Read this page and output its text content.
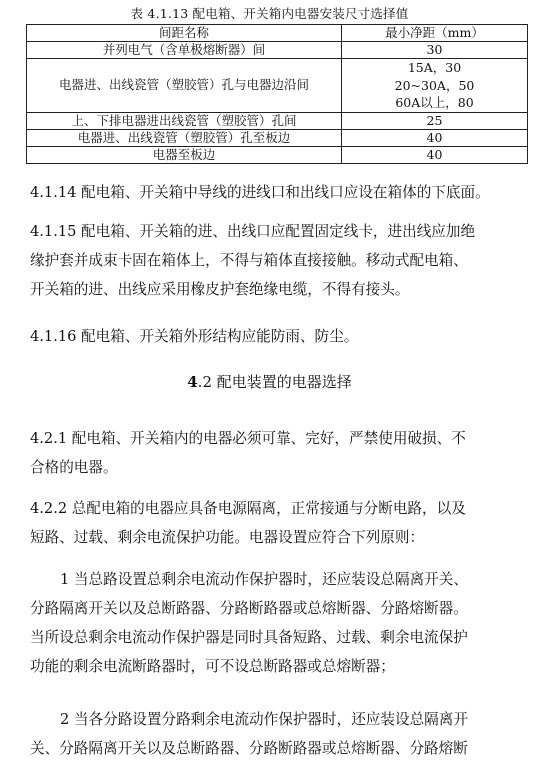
表 4.1.13 配电箱、开关箱内电器安装尺寸选择值
间距名称	最小净距（mm）
并列电气（含单极熔断器）间	30
电器进、出线瓷管（塑胶管）孔与电器边沿间	15A，30
20~30A，50
60A以上，80

上、下排电器进出线瓷管（塑胶管）孔间	25
电器进、出线瓷管（塑胶管）孔至板边	40
电器至板边	40
4.1.14 配电箱、开关箱中导线的进线口和出线口应设在箱体的下底面。
4.1.15 配电箱、开关箱的进、出线口应配置固定线卡，进出线应加绝
缘护套并成束卡固在箱体上，不得与箱体直接接触。移动式配电箱、
开关箱的进、出线应采用橡皮护套绝缘电缆，不得有接头。
4.1.16 配电箱、开关箱外形结构应能防雨、防尘。
4.2 配电装置的电器选择
4.2.1 配电箱、开关箱内的电器必须可靠、完好，严禁使用破损、不
合格的电器。
4.2.2 总配电箱的电器应具备电源隔离，正常接通与分断电路，以及
短路、过载、剩余电流保护功能。电器设置应符合下列原则：
1 当总路设置总剩余电流动作保护器时，还应装设总隔离开关、
分路隔离开关以及总断路器、分路断路器或总熔断器、分路熔断器。
当所设总剩余电流动作保护器是同时具备短路、过载、剩余电流保护
功能的剩余电流断路器时，可不设总断路器或总熔断器；
2 当各分路设置分路剩余电流动作保护器时，还应装设总隔离开
关、分路隔离开关以及总断路器、分路断路器或总熔断器、分路熔断
